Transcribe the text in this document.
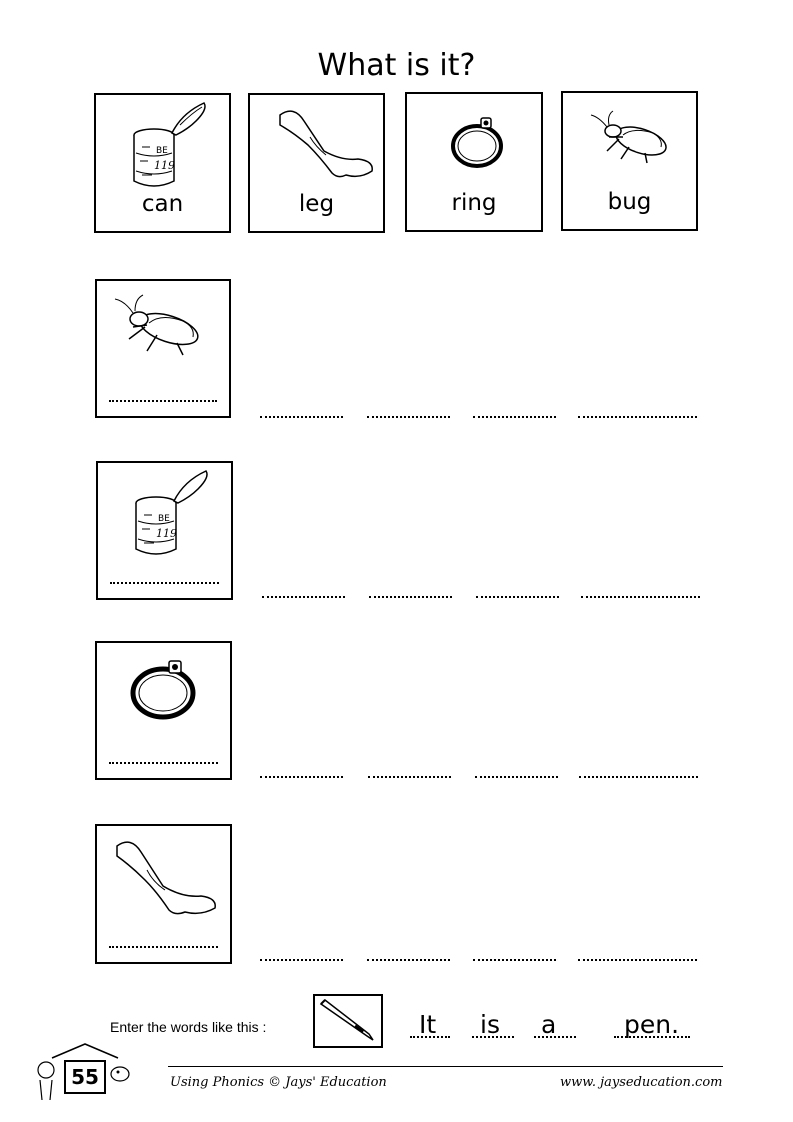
What is it?
BE
119
can	leg	ring	bug
BE
119
Enter the words like this :	It is a	pen.
55	Using Phonics © Jays' Education	www. jayseducation.com
